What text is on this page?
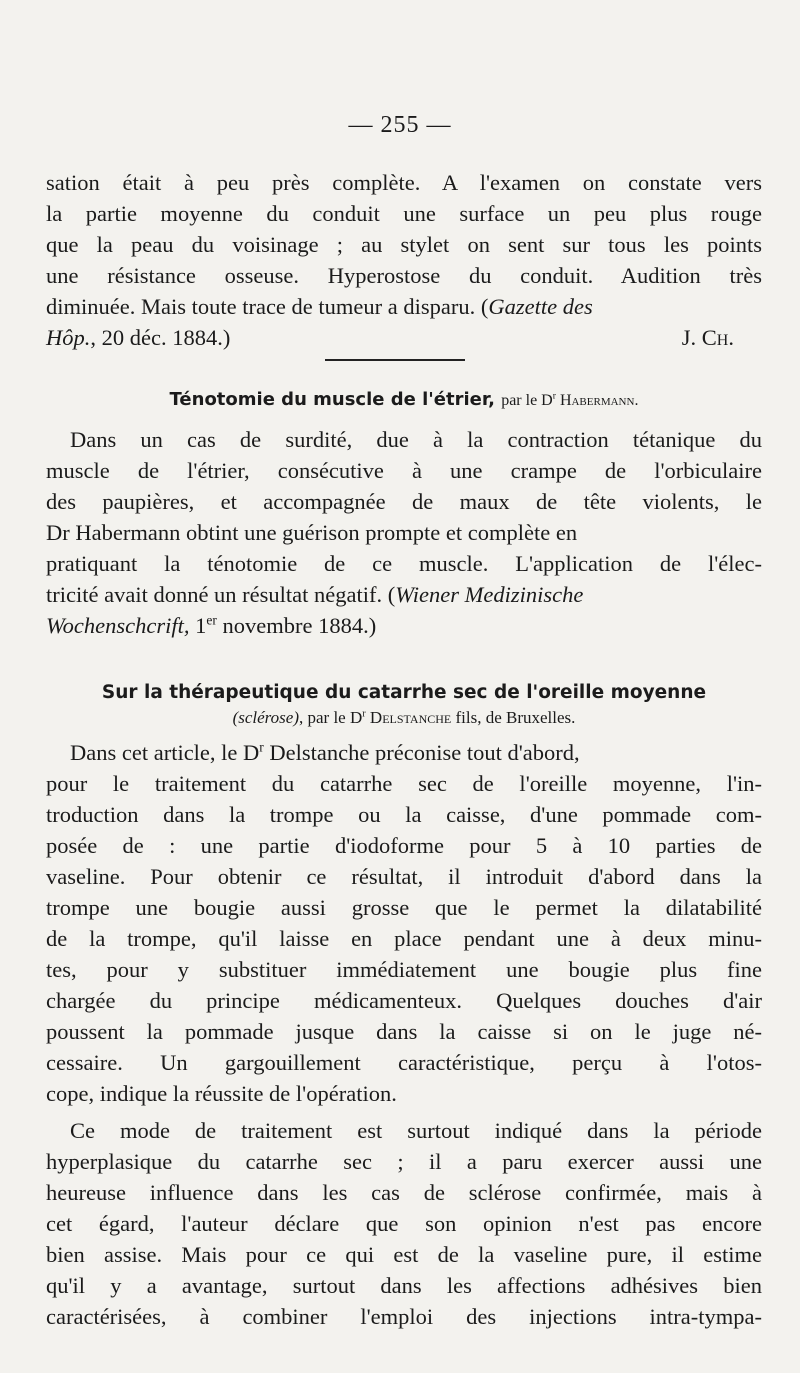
— 255 —
sation était à peu près complète. A l'examen on constate vers
la partie moyenne du conduit une surface un peu plus rouge
que la peau du voisinage ; au stylet on sent sur tous les points
une résistance osseuse. Hyperostose du conduit. Audition très
diminuée. Mais toute trace de tumeur a disparu. (Gazette des
Hôp., 20 déc. 1884.)	J. Ch.
Ténotomie du muscle de l'étrier, par le $D^r$ Habermann.
Dans un cas de surdité, due à la contraction tétanique du
muscle de l'étrier, consécutive à une crampe de l'orbiculaire
des paupières, et accompagnée de maux de tête violents, le
Dr Habermann obtint une guérison prompte et complète en
pratiquant la ténotomie de ce muscle. L'application de l'élec-
tricité avait donné un résultat négatif. (Wiener Medizinische
Wochenschcrift, 1er novembre 1884.)
Sur la thérapeutique du catarrhe sec de l'oreille moyenne
(sclérose), par le $D^r$ Delstanche fils, de Bruxelles.
Dans cet article, le $D^r$ Delstanche préconise tout d'abord,
pour le traitement du catarrhe sec de l'oreille moyenne, l'in-
troduction dans la trompe ou la caisse, d'une pommade com-
posée de : une partie d'iodoforme pour 5 à 10 parties de
vaseline. Pour obtenir ce résultat, il introduit d'abord dans la
trompe une bougie aussi grosse que le permet la dilatabilité
de la trompe, qu'il laisse en place pendant une à deux minu-
tes, pour y substituer immédiatement une bougie plus fine
chargée du principe médicamenteux. Quelques douches d'air
poussent la pommade jusque dans la caisse si on le juge né-
cessaire. Un gargouillement caractéristique, perçu à l'otos-
cope, indique la réussite de l'opération.
Ce mode de traitement est surtout indiqué dans la période
hyperplasique du catarrhe sec ; il a paru exercer aussi une
heureuse influence dans les cas de sclérose confirmée, mais à
cet égard, l'auteur déclare que son opinion n'est pas encore
bien assise. Mais pour ce qui est de la vaseline pure, il estime
qu'il y a avantage, surtout dans les affections adhésives bien
caractérisées, à combiner l'emploi des injections intra-tympa-
